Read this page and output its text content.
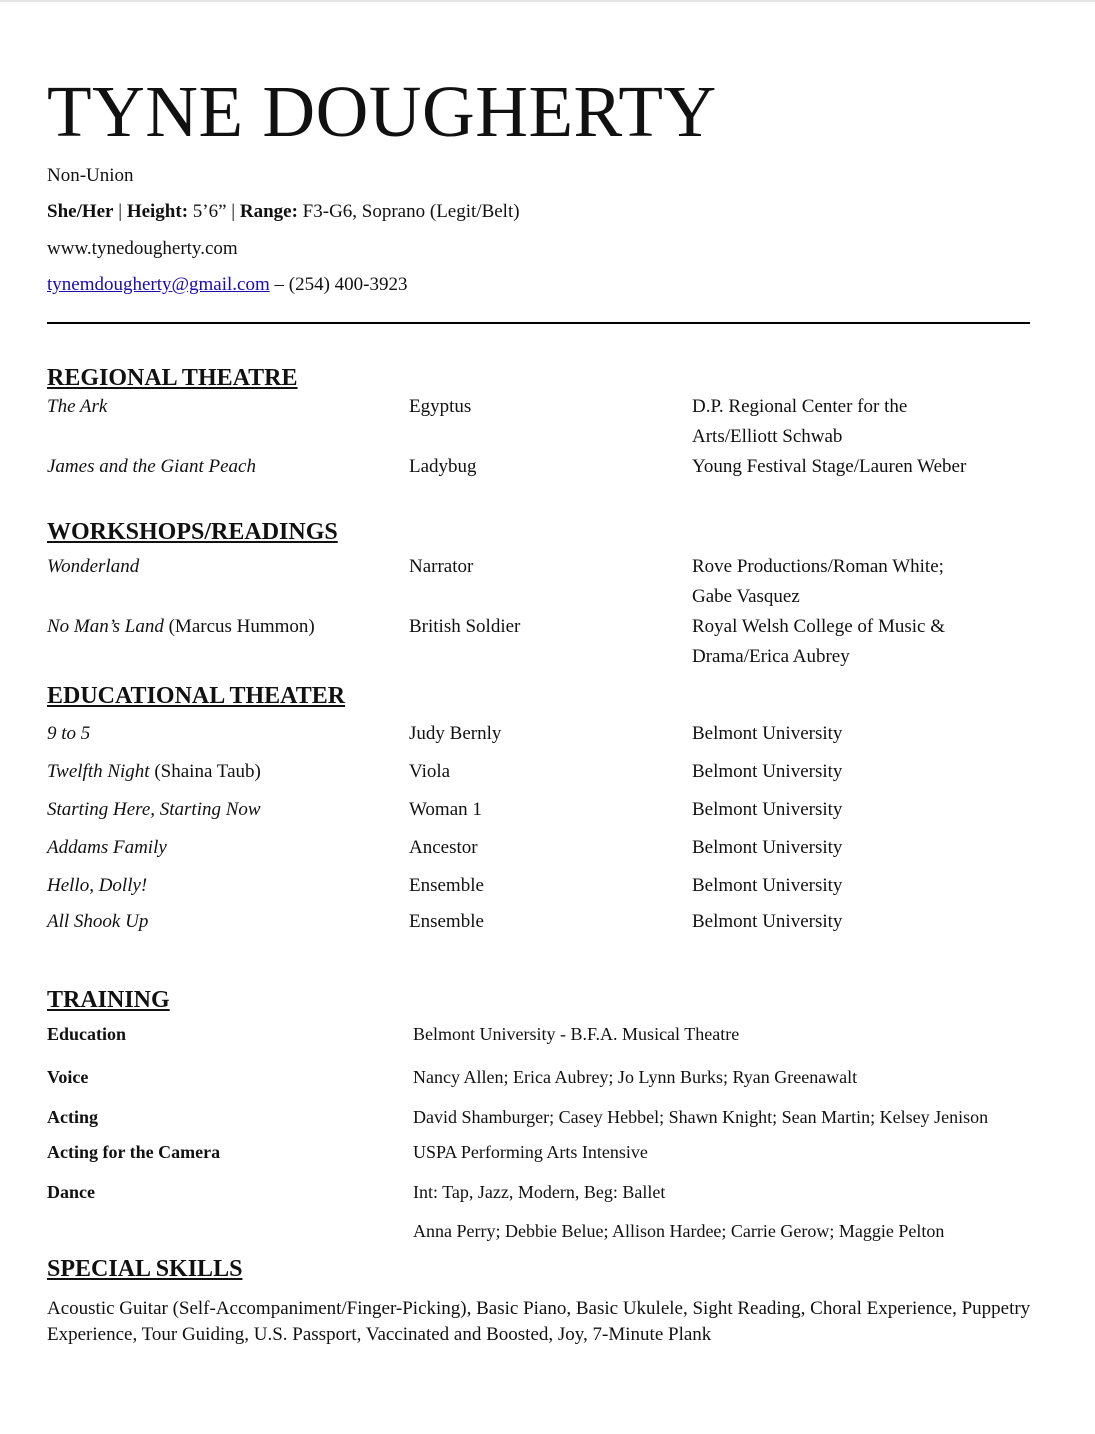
TYNE DOUGHERTY
Non-Union
She/Her | Height: 5’6” | Range: F3-G6, Soprano (Legit/Belt)
www.tynedougherty.com
tynemdougherty@gmail.com – (254) 400-3923
REGIONAL THEATRE
The Ark	Egyptus	D.P. Regional Center for the
Arts/Elliott Schwab
James and the Giant Peach	Ladybug	Young Festival Stage/Lauren Weber
WORKSHOPS/READINGS
Wonderland	Narrator	Rove Productions/Roman White;
Gabe Vasquez
No Man’s Land (Marcus Hummon)	British Soldier	Royal Welsh College of Music &
Drama/Erica Aubrey
EDUCATIONAL THEATER
9 to 5	Judy Bernly	Belmont University
Twelfth Night (Shaina Taub)	Viola	Belmont University
Starting Here, Starting Now	Woman 1	Belmont University
Addams Family	Ancestor	Belmont University
Hello, Dolly!	Ensemble	Belmont University
All Shook Up	Ensemble	Belmont University
TRAINING
Education	Belmont University - B.F.A. Musical Theatre
Voice	Nancy Allen; Erica Aubrey; Jo Lynn Burks; Ryan Greenawalt
Acting	David Shamburger; Casey Hebbel; Shawn Knight; Sean Martin; Kelsey Jenison
Acting for the Camera	USPA Performing Arts Intensive
Dance	Int: Tap, Jazz, Modern, Beg: Ballet
Anna Perry; Debbie Belue; Allison Hardee; Carrie Gerow; Maggie Pelton
SPECIAL SKILLS
Acoustic Guitar (Self-Accompaniment/Finger-Picking), Basic Piano, Basic Ukulele, Sight Reading, Choral Experience, Puppetry Experience, Tour Guiding, U.S. Passport, Vaccinated and Boosted, Joy, 7-Minute Plank
